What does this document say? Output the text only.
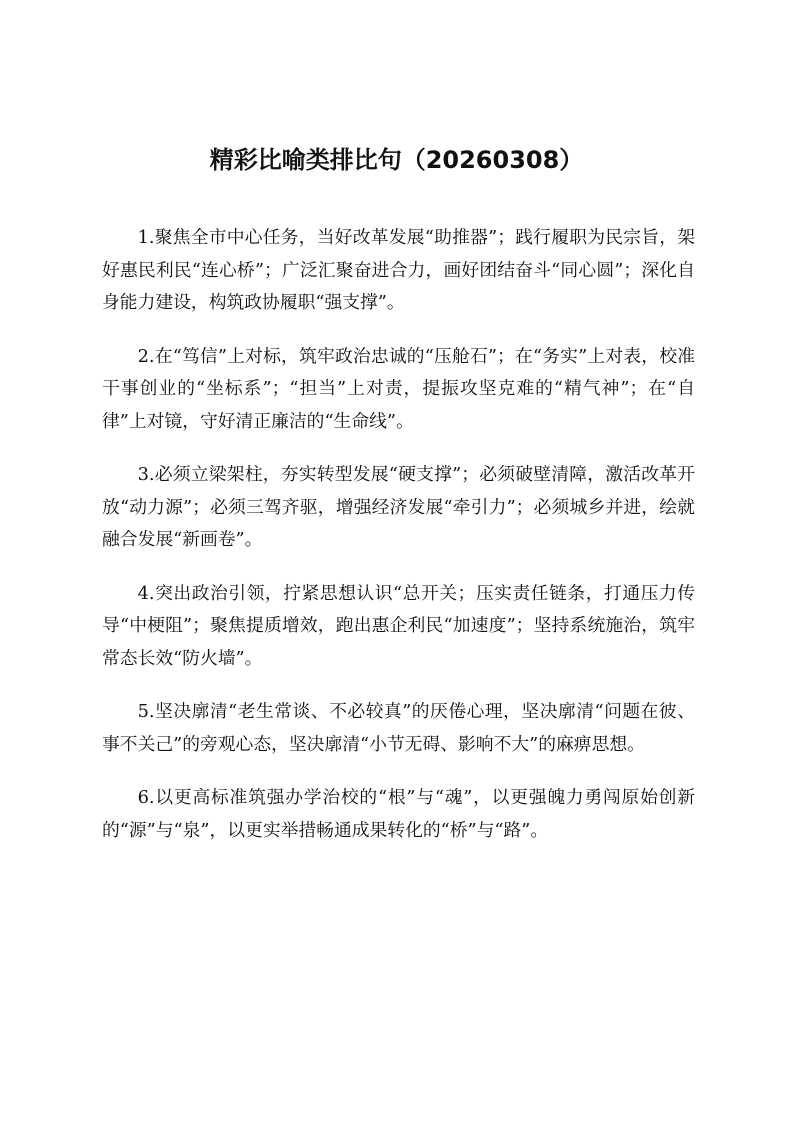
精彩比喻类排比句（20260308）

1.聚焦全市中心任务，当好改革发展“助推器”；践行履职为民宗旨，架好惠民利民“连心桥”；广泛汇聚奋进合力，画好团结奋斗“同心圆”；深化自身能力建设，构筑政协履职“强支撑”。

2.在“笃信”上对标，筑牢政治忠诚的“压舱石”；在“务实”上对表，校准干事创业的“坐标系”；“担当”上对责，提振攻坚克难的“精气神”；在“自律”上对镜，守好清正廉洁的“生命线”。

3.必须立梁架柱，夯实转型发展“硬支撑”；必须破壁清障，激活改革开放“动力源”；必须三驾齐驱，增强经济发展“牵引力”；必须城乡并进，绘就融合发展“新画卷”。

4.突出政治引领，拧紧思想认识“总开关；压实责任链条，打通压力传导“中梗阻”；聚焦提质增效，跑出惠企利民“加速度”；坚持系统施治，筑牢常态长效“防火墙”。

5.坚决廓清“老生常谈、不必较真”的厌倦心理，坚决廓清“问题在彼、事不关己”的旁观心态，坚决廓清“小节无碍、影响不大”的麻痹思想。

6.以更高标准筑强办学治校的“根”与“魂”，以更强魄力勇闯原始创新的“源”与“泉”，以更实举措畅通成果转化的“桥”与“路”。
